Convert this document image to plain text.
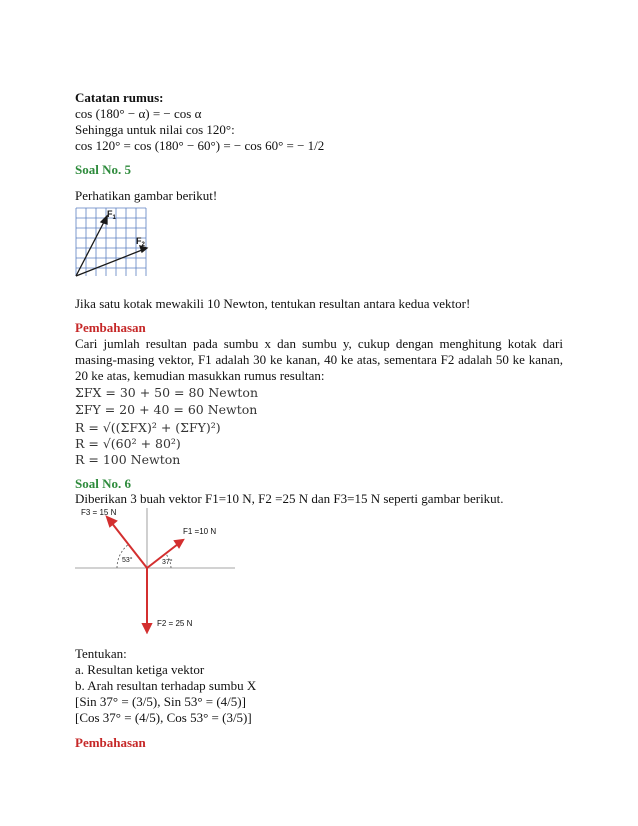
Catatan rumus:
cos (180° − α) = − cos α
Sehingga untuk nilai cos 120°:
cos 120° = cos (180° − 60°) = − cos 60° = − 1/2
Soal No. 5
Perhatikan gambar berikut!
$F_1$
$F_2$
Jika satu kotak mewakili 10 Newton, tentukan resultan antara kedua vektor!
Pembahasan
Cari jumlah resultan pada sumbu x dan sumbu y, cukup dengan menghitung kotak dari masing-masing vektor, F1 adalah 30 ke kanan, 40 ke atas, sementara F2 adalah 50 ke kanan, 20 ke atas, kemudian masukkan rumus resultan:
ΣFX = 30 + 50 = 80 Newton
ΣFY = 20 + 40 = 60 Newton
R = √((ΣFX)² + (ΣFY)²)
R = √(60² + 80²)
R = 100 Newton
Soal No. 6
Diberikan 3 buah vektor F1=10 N, F2 =25 N dan F3=15 N seperti gambar berikut.
F3 = 15 N
F1 =10 N
F2 = 25 N
53°	37°
Tentukan:
a. Resultan ketiga vektor
b. Arah resultan terhadap sumbu X
[Sin 37° = (3/5), Sin 53° = (4/5)]
[Cos 37° = (4/5), Cos 53° = (3/5)]
Pembahasan
